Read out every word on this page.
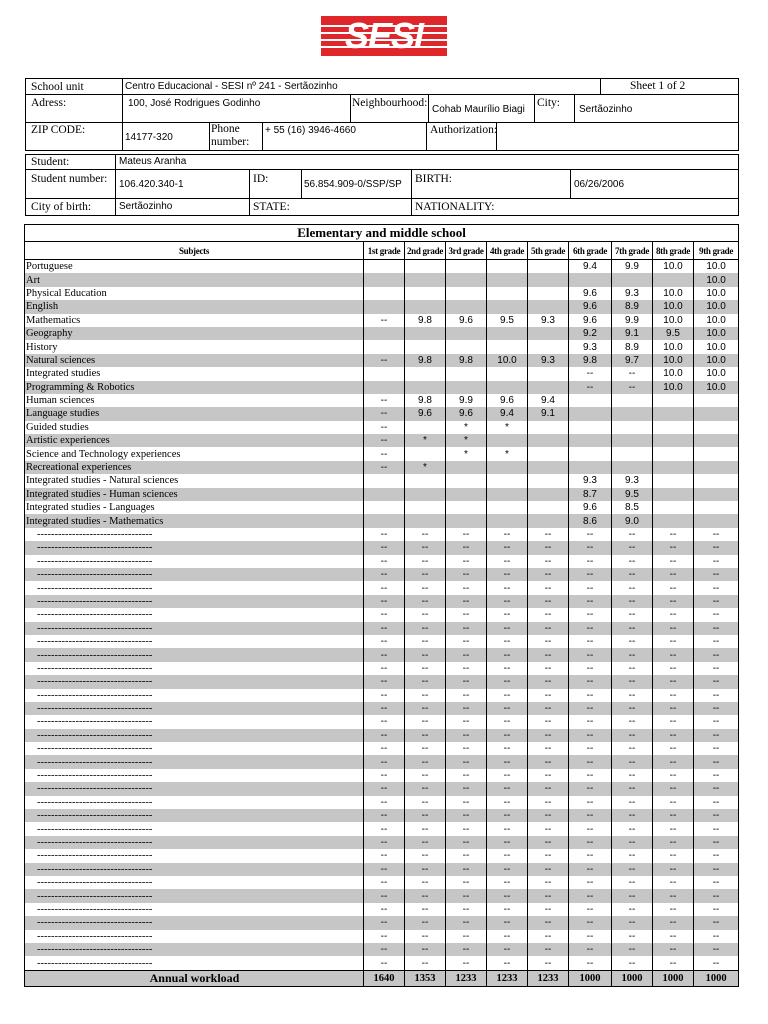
SESI
School unit	Centro Educacional - SESI nº 241 - Sertãozinho	Sheet 1 of 2
Adress:	100, José Rodrigues Godinho	Neighbourhood:
Cohab Maurílio Biagi
City:
Sertãozinho
ZIP CODE:
14177-320
Phone number:
+ 55 (16) 3946-4660	Authorization:
Student:	Mateus Aranha
Student number: 106.420.340-1	ID:	56.854.909-0/SSP/SP BIRTH:	06/26/2006
City of birth:	Sertãozinho	STATE:	NATIONALITY:
Elementary and middle school									
Subjects	1st grade	2nd grade	3rd grade	4th grade	5th grade	6th grade	7th grade	8th grade	9th grade
Portuguese						9.4	9.9	10.0	10.0
Art									10.0
Physical Education						9.6	9.3	10.0	10.0
English						9.6	8.9	10.0	10.0
Mathematics	--	9.8	9.6	9.5	9.3	9.6	9.9	10.0	10.0
Geography						9.2	9.1	9.5	10.0
History						9.3	8.9	10.0	10.0
Natural sciences	--	9.8	9.8	10.0	9.3	9.8	9.7	10.0	10.0
Integrated studies						--	--	10.0	10.0
Programming & Robotics						--	--	10.0	10.0
Human sciences	--	9.8	9.9	9.6	9.4				
Language studies	--	9.6	9.6	9.4	9.1				
Guided studies	--		*	*					
Artistic experiences	--	*	*						
Science and Technology experiences	--		*	*					
Recreational experiences	--	*							
Integrated studies - Natural sciences						9.3	9.3		
Integrated studies - Human sciences						8.7	9.5		
Integrated studies - Languages						9.6	8.5		
Integrated studies - Mathematics						8.6	9.0		
---------------------------------	--	--	--	--	--	--	--	--	--
---------------------------------	--	--	--	--	--	--	--	--	--
---------------------------------	--	--	--	--	--	--	--	--	--
---------------------------------	--	--	--	--	--	--	--	--	--
---------------------------------	--	--	--	--	--	--	--	--	--
---------------------------------	--	--	--	--	--	--	--	--	--
---------------------------------	--	--	--	--	--	--	--	--	--
---------------------------------	--	--	--	--	--	--	--	--	--
---------------------------------	--	--	--	--	--	--	--	--	--
---------------------------------	--	--	--	--	--	--	--	--	--
---------------------------------	--	--	--	--	--	--	--	--	--
---------------------------------	--	--	--	--	--	--	--	--	--
---------------------------------	--	--	--	--	--	--	--	--	--
---------------------------------	--	--	--	--	--	--	--	--	--
---------------------------------	--	--	--	--	--	--	--	--	--
---------------------------------	--	--	--	--	--	--	--	--	--
---------------------------------	--	--	--	--	--	--	--	--	--
---------------------------------	--	--	--	--	--	--	--	--	--
---------------------------------	--	--	--	--	--	--	--	--	--
---------------------------------	--	--	--	--	--	--	--	--	--
---------------------------------	--	--	--	--	--	--	--	--	--
---------------------------------	--	--	--	--	--	--	--	--	--
---------------------------------	--	--	--	--	--	--	--	--	--
---------------------------------	--	--	--	--	--	--	--	--	--
---------------------------------	--	--	--	--	--	--	--	--	--
---------------------------------	--	--	--	--	--	--	--	--	--
---------------------------------	--	--	--	--	--	--	--	--	--
---------------------------------	--	--	--	--	--	--	--	--	--
---------------------------------	--	--	--	--	--	--	--	--	--
---------------------------------	--	--	--	--	--	--	--	--	--
---------------------------------	--	--	--	--	--	--	--	--	--
---------------------------------	--	--	--	--	--	--	--	--	--
---------------------------------	--	--	--	--	--	--	--	--	--
Annual workload	1640	1353	1233	1233	1233	1000	1000	1000	1000
